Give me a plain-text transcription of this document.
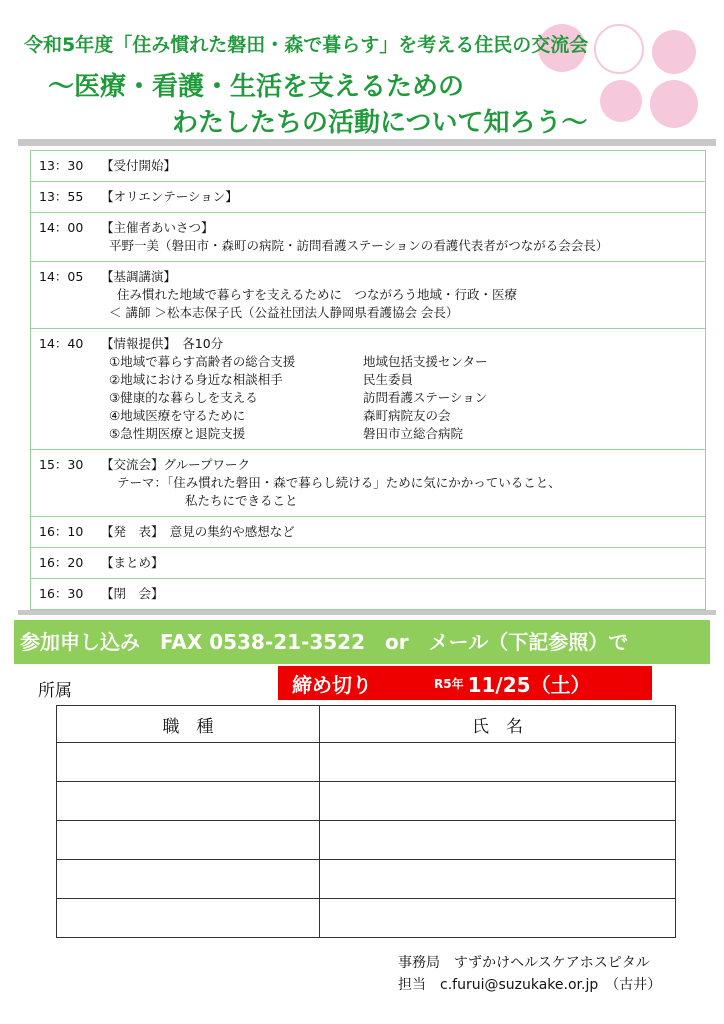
令和5年度「住み慣れた磐田・森で暮らす」を考える住民の交流会
～医療・看護・生活を支えるための
わたしたちの活動について知ろう～
13：30	【受付開始】

13：55	【オリエンテーション】

14：00	【主催者あいさつ】
平野一美（磐田市・森町の病院・訪問看護ステーションの看護代表者がつながる会会長）

14：05	【基調講演】
住み慣れた地域で暮らすを支えるために　つながろう地域・行政・医療
＜ 講師 ＞松本志保子氏（公益社団法人静岡県看護協会 会長）

14：40	【情報提供】　各10分
①地域で暮らす高齢者の総合支援	地域包括支援センター
②地域における身近な相談相手	民生委員
③健康的な暮らしを支える	訪問看護ステーション
④地域医療を守るために	森町病院友の会
⑤急性期医療と退院支援	磐田市立総合病院

15：30	【交流会】グループワーク
テーマ：「住み慣れた磐田・森で暮らし続ける」ために気にかかっていること、
私たちにできること

16：10	【発　表】　意見の集約や感想など

16：20	【まとめ】

16：30	【閉　会】
参加申し込み　FAX 0538-21-3522　or　メール（下記参照）で
所属	締め切り	R5年 11/25（土）
職　種	氏　名

事務局　すずかけヘルスケアホスピタル
担当　c.furui@suzukake.or.jp　（古井）
